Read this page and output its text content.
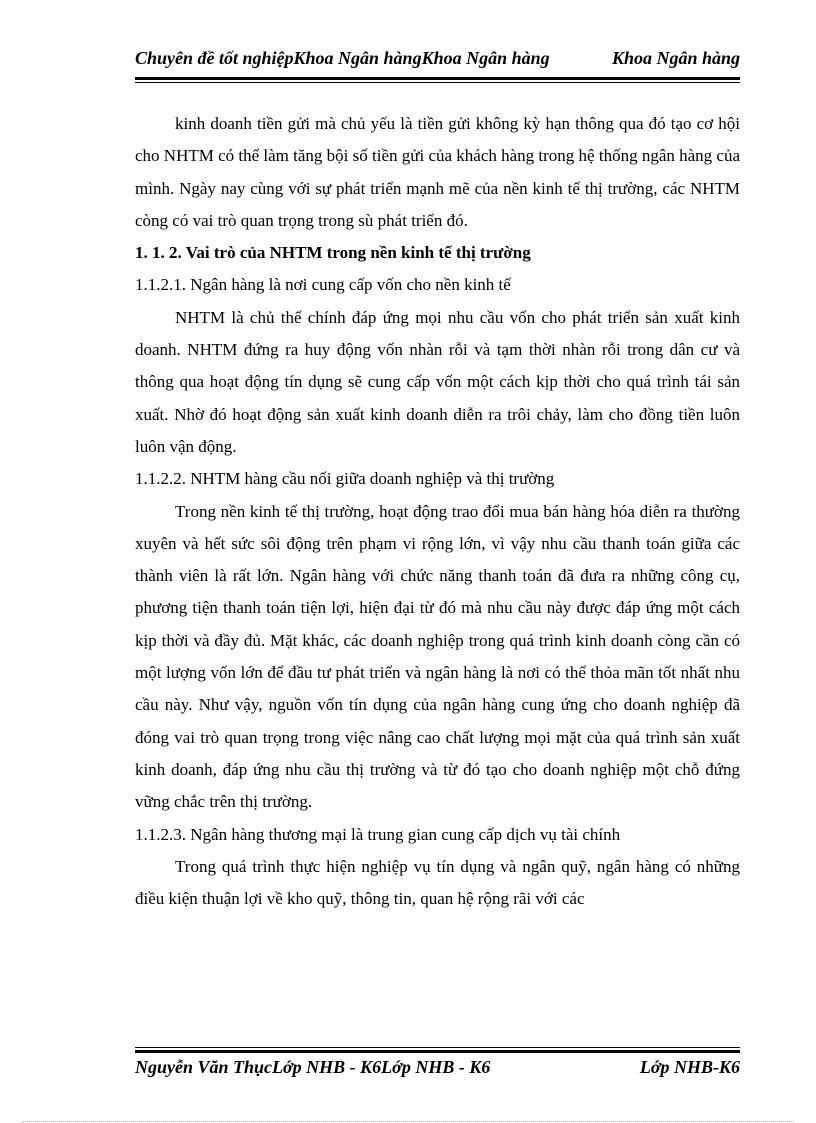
Chuyên đề tốt nghiệpKhoa Ngân hàngKhoa Ngân hàng	Khoa Ngân hàng

kinh doanh tiền gửi mà chủ yếu là tiền gửi không kỳ hạn thông qua đó tạo cơ hội cho NHTM có thể làm tăng bội số tiền gửi của khách hàng trong hệ thống ngân hàng của mình. Ngày nay cùng với sự phát triển mạnh mẽ của nền kinh tế thị trường, các NHTM còng có vai trò quan trọng trong sù phát triển đó.

1. 1. 2. Vai trò của NHTM trong nền kinh tế thị trường

1.1.2.1. Ngân hàng là nơi cung cấp vốn cho nền kinh tế

NHTM là chủ thể chính đáp ứng mọi nhu cầu vốn cho phát triển sản xuất kinh doanh. NHTM đứng ra huy động vốn nhàn rỗi và tạm thời nhàn rỗi trong dân cư và thông qua hoạt động tín dụng sẽ cung cấp vốn một cách kịp thời cho quá trình tái sản xuất. Nhờ đó hoạt động sản xuất kinh doanh diễn ra trôi chảy, làm cho đồng tiền luôn luôn vận động.

1.1.2.2. NHTM hàng cầu nối giữa doanh nghiệp và thị trường

Trong nền kinh tế thị trường, hoạt động trao đổi mua bán hàng hóa diễn ra thường xuyên và hết sức sôi động trên phạm vi rộng lớn, vì vậy nhu cầu thanh toán giữa các thành viên là rất lớn. Ngân hàng với chức năng thanh toán đã đưa ra những công cụ, phương tiện thanh toán tiện lợi, hiện đại từ đó mà nhu cầu này được đáp ứng một cách kịp thời và đầy đủ. Mặt khác, các doanh nghiệp trong quá trình kinh doanh còng cần có một lượng vốn lớn để đầu tư phát triển và ngân hàng là nơi có thể thỏa mãn tốt nhất nhu cầu này. Như vậy, nguồn vốn tín dụng của ngân hàng cung ứng cho doanh nghiệp đã đóng vai trò quan trọng trong việc nâng cao chất lượng mọi mặt của quá trình sản xuất kinh doanh, đáp ứng nhu cầu thị trường và từ đó tạo cho doanh nghiệp một chỗ đứng vững chắc trên thị trường.

1.1.2.3. Ngân hàng thương mại là trung gian cung cấp dịch vụ tài chính

Trong quá trình thực hiện nghiệp vụ tín dụng và ngân quỹ, ngân hàng có những điều kiện thuận lợi về kho quỹ, thông tin, quan hệ rộng rãi với các

Nguyễn Văn ThụcLớp NHB - K6Lớp NHB - K6	Lớp NHB-K6
